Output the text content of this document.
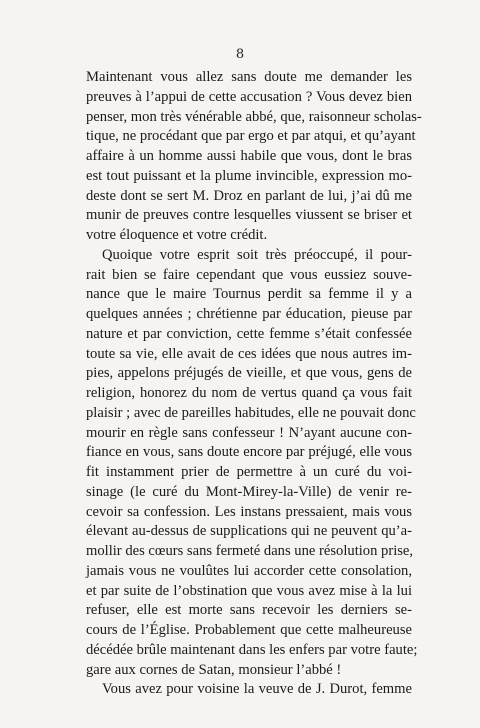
8
Maintenant vous allez sans doute me demander les
preuves à l’appui de cette accusation ? Vous devez bien
penser, mon très vénérable abbé, que, raisonneur scholas-
tique, ne procédant que par ergo et par atqui, et qu’ayant
affaire à un homme aussi habile que vous, dont le bras
est tout puissant et la plume invincible, expression mo-
deste dont se sert M. Droz en parlant de lui, j’ai dû me
munir de preuves contre lesquelles viussent se briser et
votre éloquence et votre crédit.
Quoique votre esprit soit très préoccupé, il pour-
rait bien se faire cependant que vous eussiez souve-
nance que le maire Tournus perdit sa femme il y a
quelques années ; chrétienne par éducation, pieuse par
nature et par conviction, cette femme s’était confessée
toute sa vie, elle avait de ces idées que nous autres im-
pies, appelons préjugés de vieille, et que vous, gens de
religion, honorez du nom de vertus quand ça vous fait
plaisir ; avec de pareilles habitudes, elle ne pouvait donc
mourir en règle sans confesseur ! N’ayant aucune con-
fiance en vous, sans doute encore par préjugé, elle vous
fit instamment prier de permettre à un curé du voi-
sinage (le curé du Mont-Mirey-la-Ville) de venir re-
cevoir sa confession. Les instans pressaient, mais vous
élevant au-dessus de supplications qui ne peuvent qu’a-
mollir des cœurs sans fermeté dans une résolution prise,
jamais vous ne voulûtes lui accorder cette consolation,
et par suite de l’obstination que vous avez mise à la lui
refuser, elle est morte sans recevoir les derniers se-
cours de l’Église. Probablement que cette malheureuse
décédée brûle maintenant dans les enfers par votre faute;
gare aux cornes de Satan, monsieur l’abbé !
Vous avez pour voisine la veuve de J. Durot, femme
